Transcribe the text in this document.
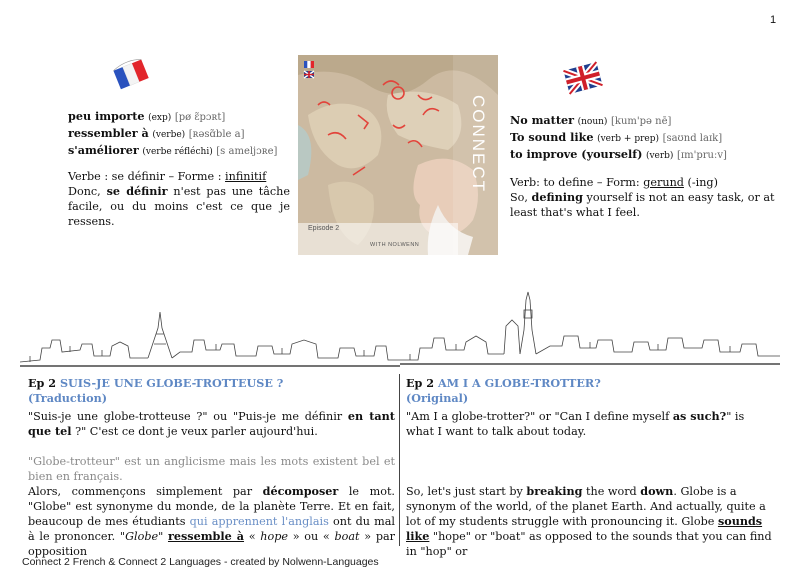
1
Episode 2
WITH NOLWENN
peu importe (exp) [pø ɛ̃pɔʀt]
ressembler à (verbe) [ʀəsɑ̃ble a]
s'améliorer (verbe réfléchi) [s ameljɔʀe]
Verbe : se définir – Forme : infinitif
Donc, se définir n'est pas une tâche facile, ou du moins c'est ce que je ressens.
No matter (noun) [kum'pə nē]
To sound like (verb + prep) [saʊnd laɪk]
to improve (yourself) (verb) [ɪm'pruːv]
Verb: to define – Form: gerund (-ing)
So, defining yourself is not an easy task, or at least that's what I feel.
Ep 2 SUIS-JE UNE GLOBE-TROTTEUSE ?
(Traduction)
"Suis-je une globe-trotteuse ?" ou "Puis-je me définir en tant que tel ?" C'est ce dont je veux parler aujourd'hui.
"Globe-trotteur" est un anglicisme mais les mots existent bel et bien en français.
Alors, commençons simplement par décomposer le mot. "Globe" est synonyme du monde, de la planète Terre. Et en fait, beaucoup de mes étudiants qui apprennent l'anglais ont du mal à le prononcer. "Globe" ressemble à « hope » ou « boat » par opposition
Ep 2 AM I A GLOBE-TROTTER?
(Original)
"Am I a globe-trotter?" or "Can I define myself as such?" is what I want to talk about today.
So, let's just start by breaking the word down. Globe is a synonym of the world, of the planet Earth. And actually, quite a lot of my students struggle with pronouncing it. Globe sounds like "hope" or "boat" as opposed to the sounds that you can find in "hop" or
Connect 2 French & Connect 2 Languages - created by Nolwenn-Languages
